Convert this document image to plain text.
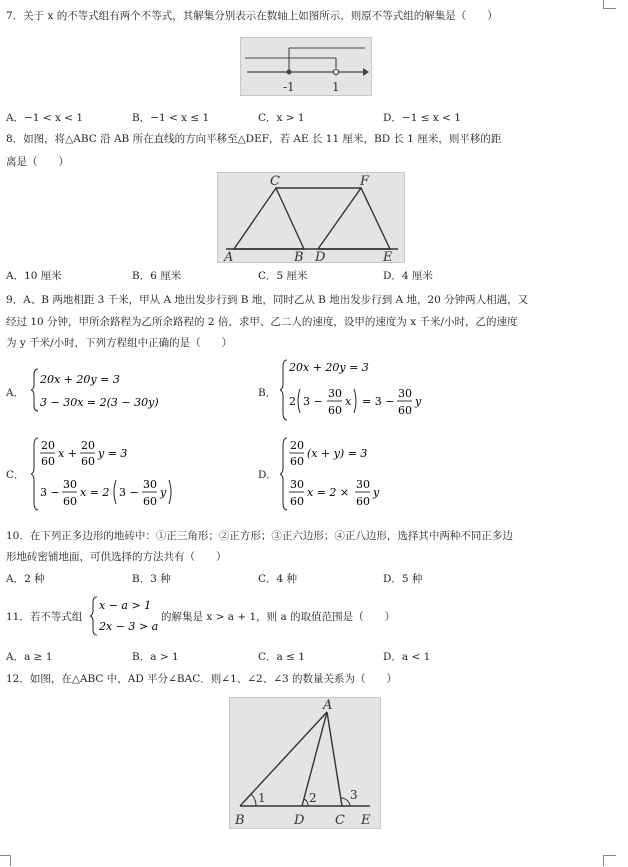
7．关于 x 的不等式组有两个不等式，其解集分别表示在数轴上如图所示，则原不等式组的解集是（　　）
-1	1
A．−1 < x < 1	B．−1 < x ≤ 1	C．x > 1	D．−1 ≤ x < 1
8．如图，将△ABC 沿 AB 所在直线的方向平移至△DEF，若 AE 长 11 厘米，BD 长 1 厘米，则平移的距
离是（　　）
C	F
A	B D	E
A．10 厘米	B．6 厘米	C．5 厘米	D．4 厘米
9．A、B 两地相距 3 千米，甲从 A 地出发步行到 B 地，同时乙从 B 地出发步行到 A 地，20 分钟两人相遇，又
经过 10 分钟，甲所余路程为乙所余路程的 2 倍，求甲、乙二人的速度，设甲的速度为 x 千米/小时，乙的速度
为 y 千米/小时，下列方程组中正确的是（　　）
A．
20x + 20y = 3
3 − 30x = 2(3 − 30y)
B．
20x + 20y = 3
2 3 −
30
60
x = 3 −
30
60
y
C．
20
60
x +
20
60
y = 3
3 −
30
60
x = 2 3 −
30
60
y
D．
20
60
(x + y) = 3
30
60
x = 2 ×
30
60
y
10．在下列正多边形的地砖中：①正三角形；②正方形；③正六边形；④正八边形，选择其中两种不同正多边
形地砖密铺地面，可供选择的方法共有（　　）
A．2 种	B．3 种	C．4 种	D．5 种
11．若不等式组
x − a > 1
2x − 3 > a
的解集是 x > a + 1，则 a 的取值范围是（　　）
A．a ≥ 1	B．a > 1	C．a ≤ 1	D．a < 1
12．如图，在△ABC 中，AD 平分∠BAC．则∠1、∠2、∠3 的数量关系为（　　）
A
B	D C E
1	2	3
